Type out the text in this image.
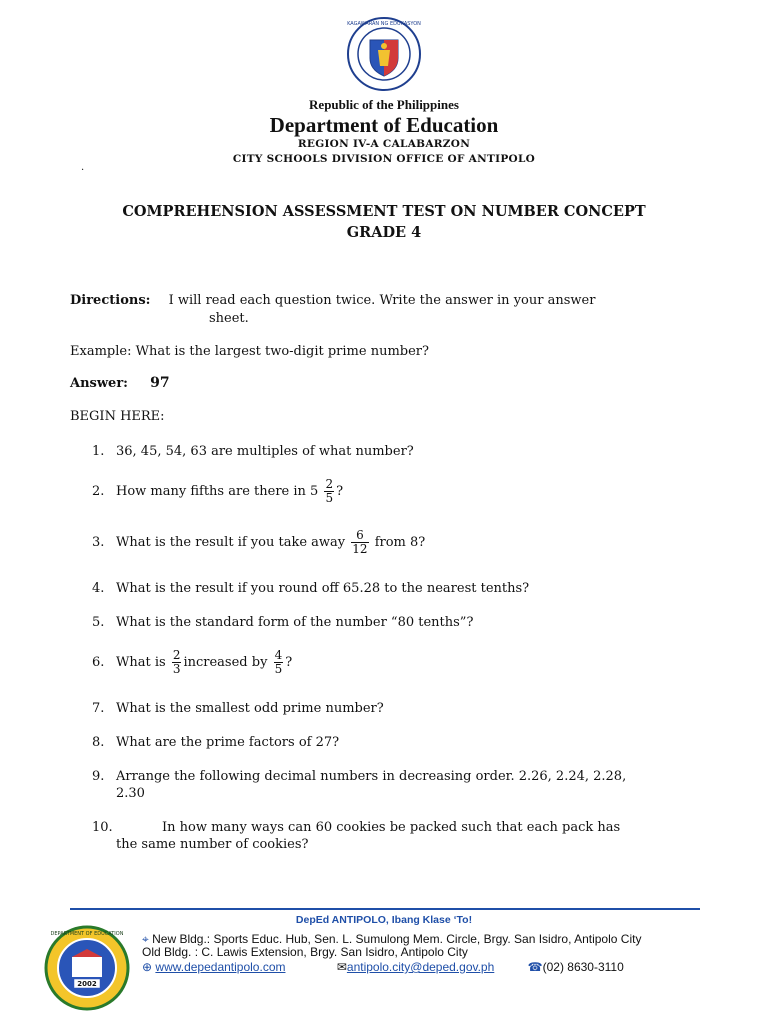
KAGAWARAN NG EDUKASYON
Republic of the Philippines
Department of Education
REGION IV-A CALABARZON
CITY SCHOOLS DIVISION OFFICE OF ANTIPOLO
.
COMPREHENSION ASSESSMENT TEST ON NUMBER CONCEPT
GRADE 4
Directions: I will read each question twice. Write the answer in your answer
sheet.
Example: What is the largest two-digit prime number?
Answer: 97
BEGIN HERE:
1. 36, 45, 54, 63 are multiples of what number?
2. How many fifths are there in $5 \frac{2}{5}$ ?
3. What is the result if you take away $\frac{6}{12}$ from 8?
4. What is the result if you round off 65.28 to the nearest tenths?
5. What is the standard form of the number “80 tenths”?
6. What is $\frac{2}{3}$ increased by $\frac{4}{5}$ ?
7. What is the smallest odd prime number?
8. What are the prime factors of 27?
9. Arrange the following decimal numbers in decreasing order. 2.26, 2.24, 2.28,
2.30
10.	In how many ways can 60 cookies be packed such that each pack has
the same number of cookies?
DepEd ANTIPOLO, Ibang Klase ‘To!
2002
DEPARTMENT OF EDUCATION ⌖ New Bldg.: Sports Educ. Hub, Sen. L. Sumulong Mem. Circle, Brgy. San Isidro, Antipolo City
Old Bldg. : C. Lawis Extension, Brgy. San Isidro, Antipolo City
⊕ www.depedantipolo.com	✉antipolo.city@deped.gov.ph	☎(02) 8630-3110
